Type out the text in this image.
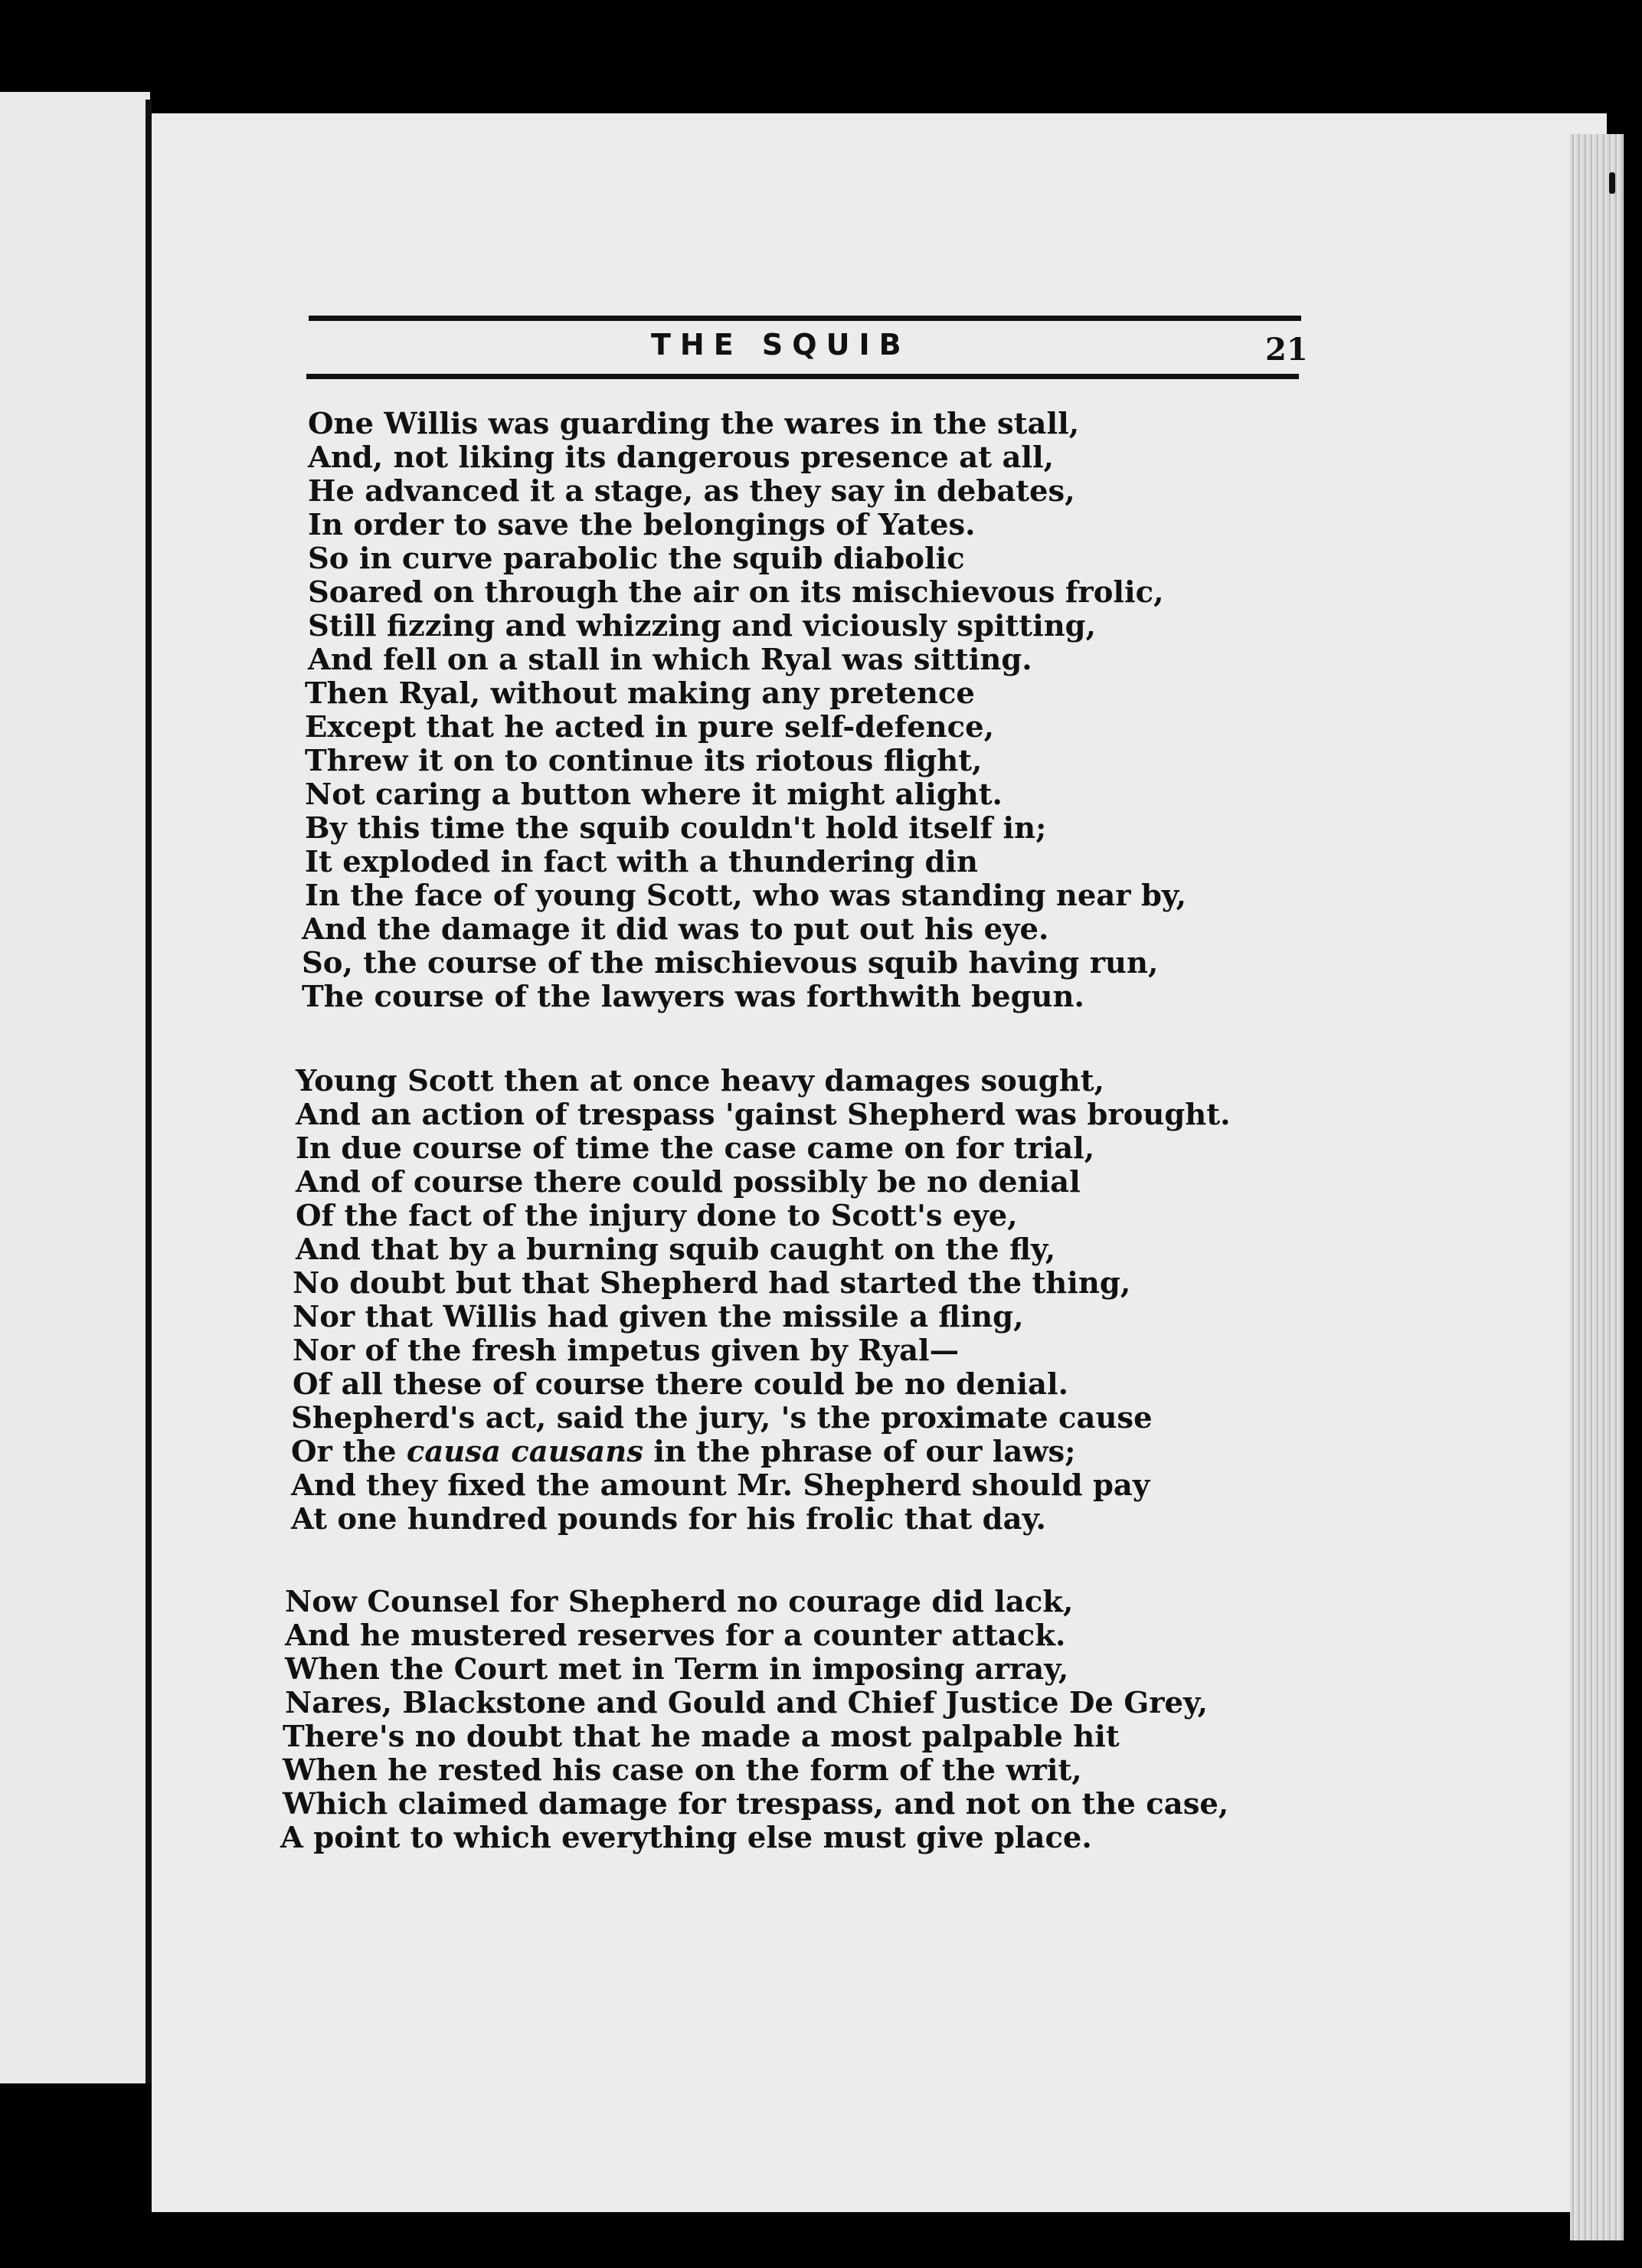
THE SQUIB	21
One Willis was guarding the wares in the stall,
And, not liking its dangerous presence at all,
He advanced it a stage, as they say in debates,
In order to save the belongings of Yates.
So in curve parabolic the squib diabolic
Soared on through the air on its mischievous frolic,
Still fizzing and whizzing and viciously spitting,
And fell on a stall in which Ryal was sitting.
Then Ryal, without making any pretence
Except that he acted in pure self-defence,
Threw it on to continue its riotous flight,
Not caring a button where it might alight.
By this time the squib couldn't hold itself in;
It exploded in fact with a thundering din
In the face of young Scott, who was standing near by,
And the damage it did was to put out his eye.
So, the course of the mischievous squib having run,
The course of the lawyers was forthwith begun.
Young Scott then at once heavy damages sought,
And an action of trespass 'gainst Shepherd was brought.
In due course of time the case came on for trial,
And of course there could possibly be no denial
Of the fact of the injury done to Scott's eye,
And that by a burning squib caught on the fly,
No doubt but that Shepherd had started the thing,
Nor that Willis had given the missile a fling,
Nor of the fresh impetus given by Ryal—
Of all these of course there could be no denial.
Shepherd's act, said the jury, 's the proximate cause
Or the causa causans in the phrase of our laws;
And they fixed the amount Mr. Shepherd should pay
At one hundred pounds for his frolic that day.
Now Counsel for Shepherd no courage did lack,
And he mustered reserves for a counter attack.
When the Court met in Term in imposing array,
Nares, Blackstone and Gould and Chief Justice De Grey,
There's no doubt that he made a most palpable hit
When he rested his case on the form of the writ,
Which claimed damage for trespass, and not on the case,
A point to which everything else must give place.
